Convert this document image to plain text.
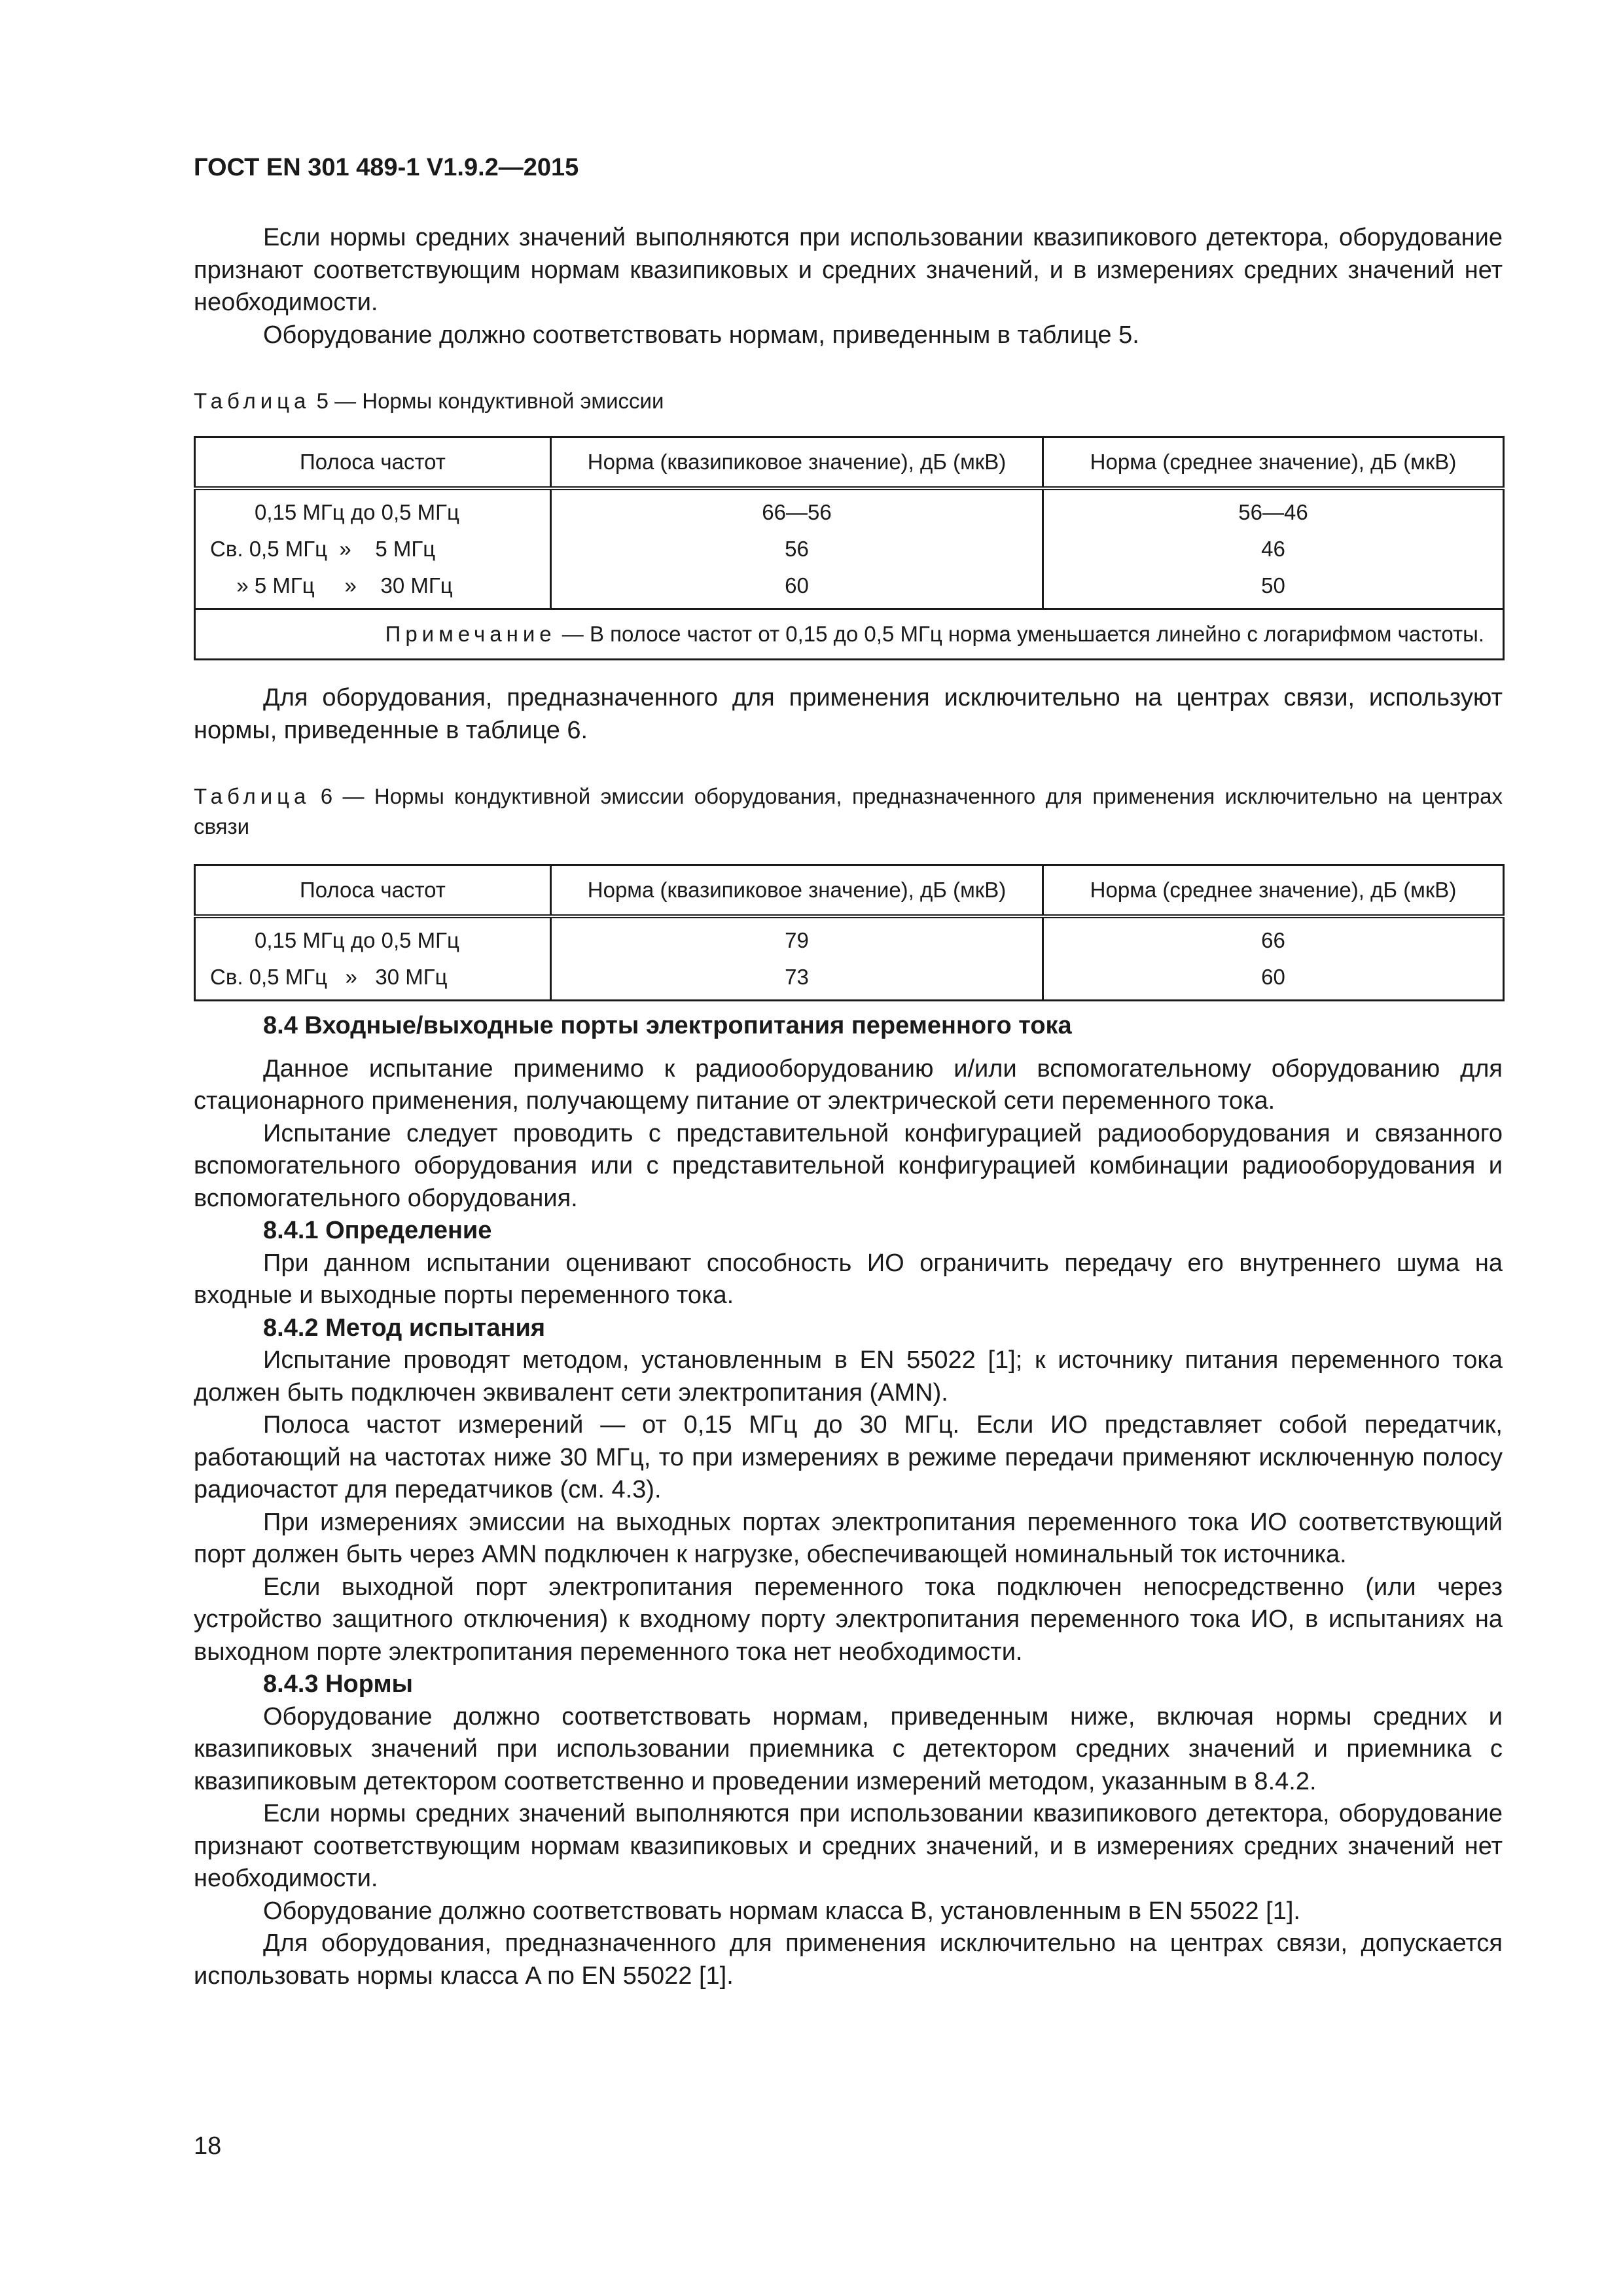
ГОСТ EN 301 489-1 V1.9.2—2015

Если нормы средних значений выполняются при использовании квазипикового детектора, оборудование признают соответствующим нормам квазипиковых и средних значений, и в измерениях средних значений нет необходимости.

Оборудование должно соответствовать нормам, приведенным в таблице 5.

Таблица 5 — Нормы кондуктивной эмиссии

Полоса частот	Норма (квазипиковое значение), дБ (мкВ)	Норма (среднее значение), дБ (мкВ)
0,15 МГц до 0,5 МГц	66—56	56—46
Св. 0,5 МГц  »    5 МГц	56	46
» 5 МГц     »    30 МГц	60	50
Примечание — В полосе частот от 0,15 до 0,5 МГц норма уменьшается линейно с логарифмом частоты.		

Для оборудования, предназначенного для применения исключительно на центрах связи, используют нормы, приведенные в таблице 6.

Таблица 6 — Нормы кондуктивной эмиссии оборудования, предназначенного для применения исключительно на центрах связи

Полоса частот	Норма (квазипиковое значение), дБ (мкВ)	Норма (среднее значение), дБ (мкВ)
0,15 МГц до 0,5 МГц	79	66
Св. 0,5 МГц   »   30 МГц	73	60
8.4 Входные/выходные порты электропитания переменного тока

Данное испытание применимо к радиооборудованию и/или вспомогательному оборудованию для стационарного применения, получающему питание от электрической сети переменного тока.

Испытание следует проводить с представительной конфигурацией радиооборудования и связанного вспомогательного оборудования или с представительной конфигурацией комбинации радиооборудования и вспомогательного оборудования.

8.4.1 Определение

При данном испытании оценивают способность ИО ограничить передачу его внутреннего шума на входные и выходные порты переменного тока.

8.4.2 Метод испытания

Испытание проводят методом, установленным в EN 55022 [1]; к источнику питания переменного тока должен быть подключен эквивалент сети электропитания (AMN).

Полоса частот измерений — от 0,15 МГц до 30 МГц. Если ИО представляет собой передатчик, работающий на частотах ниже 30 МГц, то при измерениях в режиме передачи применяют исключенную полосу радиочастот для передатчиков (см. 4.3).

При измерениях эмиссии на выходных портах электропитания переменного тока ИО соответствующий порт должен быть через AMN подключен к нагрузке, обеспечивающей номинальный ток источника.

Если выходной порт электропитания переменного тока подключен непосредственно (или через устройство защитного отключения) к входному порту электропитания переменного тока ИО, в испытаниях на выходном порте электропитания переменного тока нет необходимости.

8.4.3 Нормы

Оборудование должно соответствовать нормам, приведенным ниже, включая нормы средних и квазипиковых значений при использовании приемника с детектором средних значений и приемника с квазипиковым детектором соответственно и проведении измерений методом, указанным в 8.4.2.

Если нормы средних значений выполняются при использовании квазипикового детектора, оборудование признают соответствующим нормам квазипиковых и средних значений, и в измерениях средних значений нет необходимости.

Оборудование должно соответствовать нормам класса B, установленным в EN 55022 [1].

Для оборудования, предназначенного для применения исключительно на центрах связи, допускается использовать нормы класса A по EN 55022 [1].

18
